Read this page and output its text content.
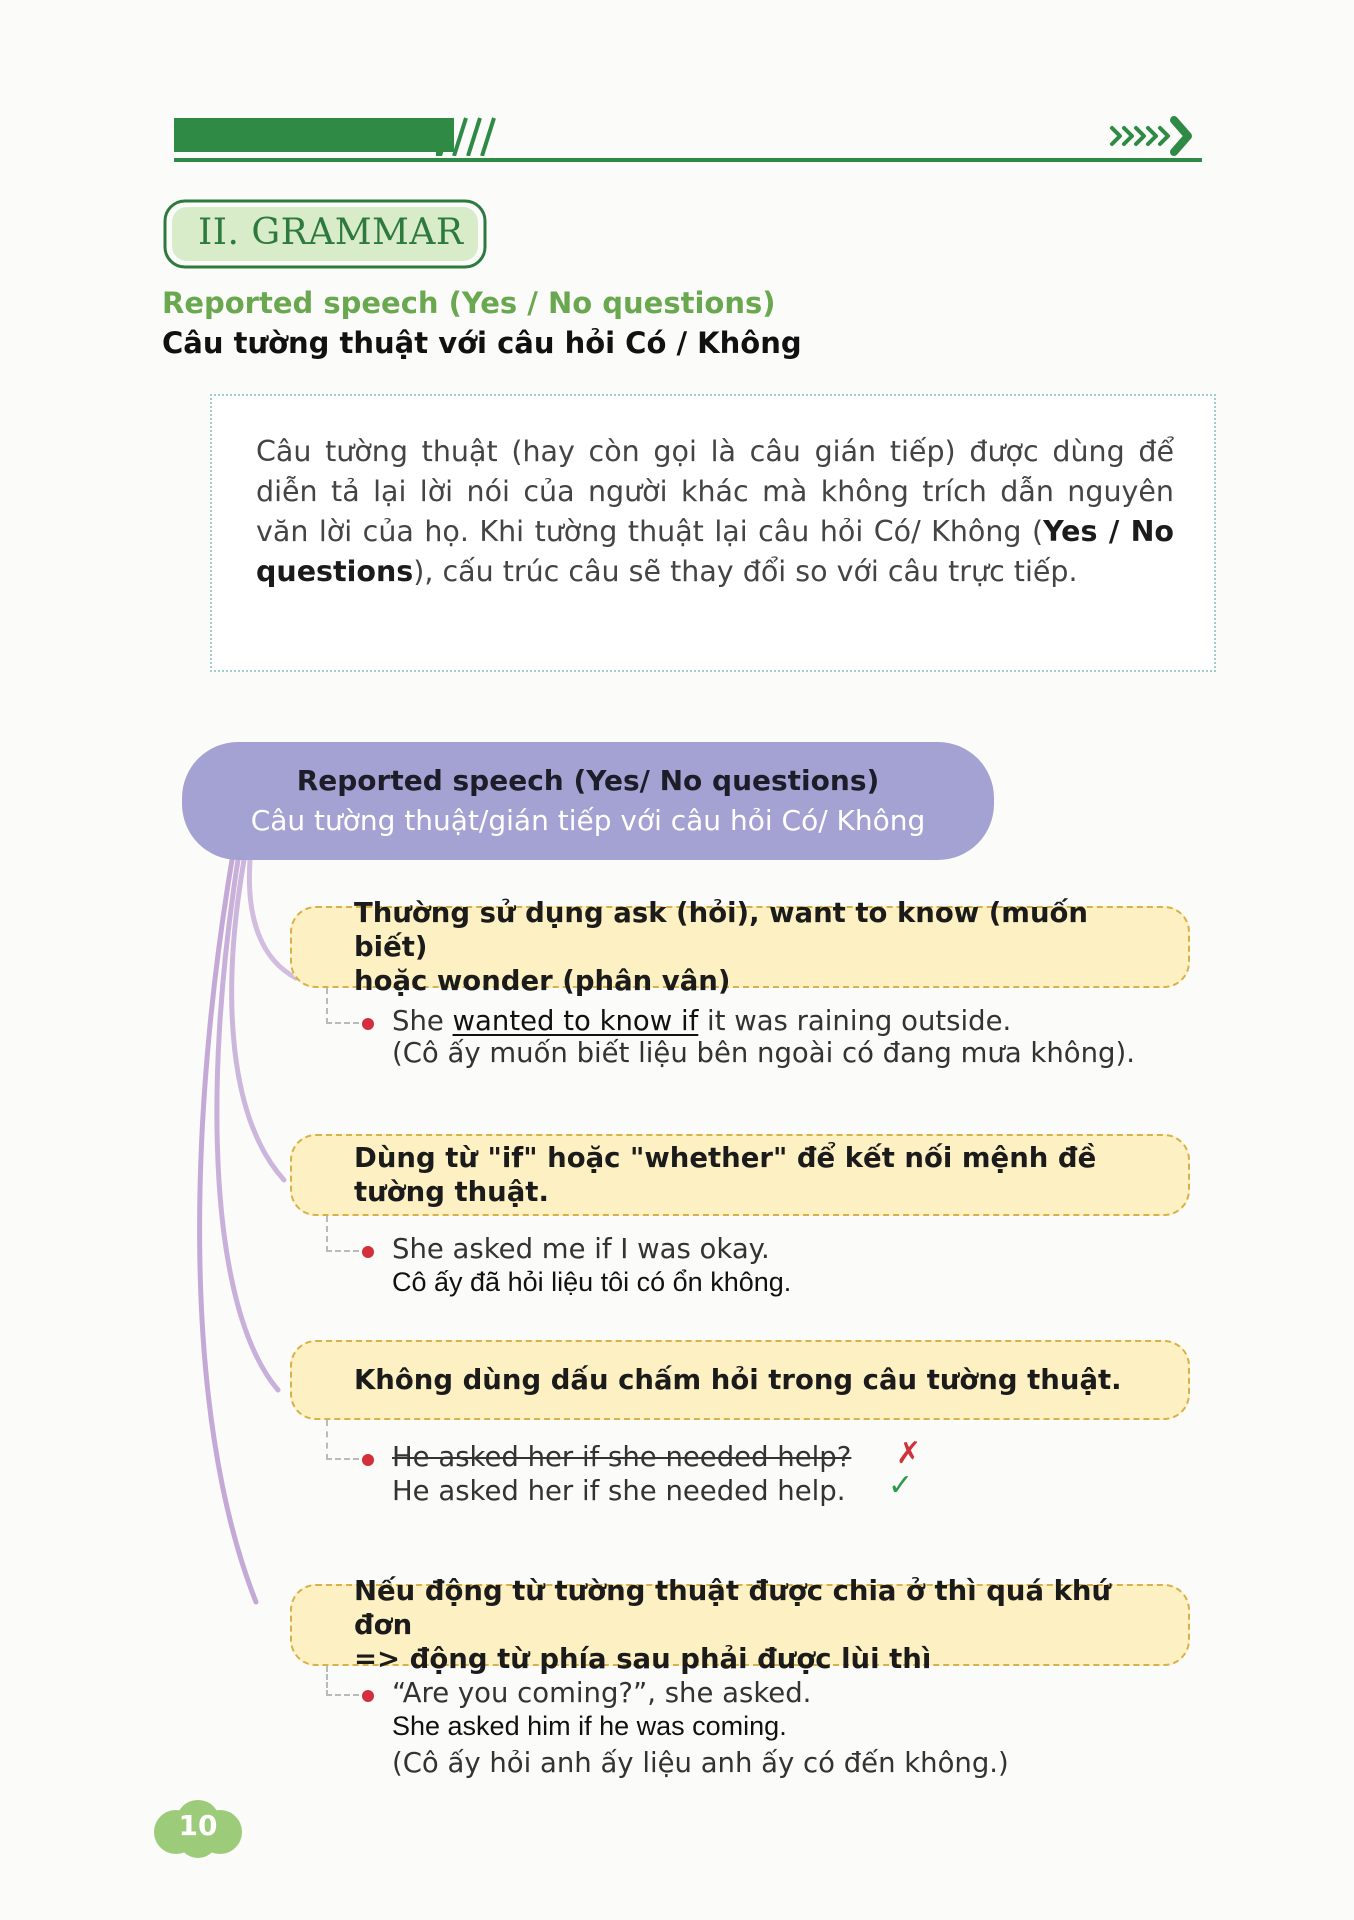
II. GRAMMAR
Reported speech (Yes / No questions)
Câu tường thuật với câu hỏi Có / Không

Câu tường thuật (hay còn gọi là câu gián tiếp) được dùng để diễn tả lại lời nói của người khác mà không trích dẫn nguyên văn lời của họ. Khi tường thuật lại câu hỏi Có/ Không (Yes / No questions), cấu trúc câu sẽ thay đổi so với câu trực tiếp.

Reported speech (Yes/ No questions)
Câu tường thuật/gián tiếp với câu hỏi Có/ Không
Thường sử dụng ask (hỏi), want to know (muốn biết)
hoặc wonder (phân vân)
She wanted to know if it was raining outside.
(Cô ấy muốn biết liệu bên ngoài có đang mưa không).
Dùng từ "if" hoặc "whether" để kết nối mệnh đề
tường thuật.
She asked me if I was okay.
Cô ấy đã hỏi liệu tôi có ổn không.
Không dùng dấu chấm hỏi trong câu tường thuật.
He asked her if she needed help? ✗
He asked her if she needed help. ✓
Nếu động từ tường thuật được chia ở thì quá khứ đơn
=> động từ phía sau phải được lùi thì
“Are you coming?”, she asked.
She asked him if he was coming.
(Cô ấy hỏi anh ấy liệu anh ấy có đến không.)
10
